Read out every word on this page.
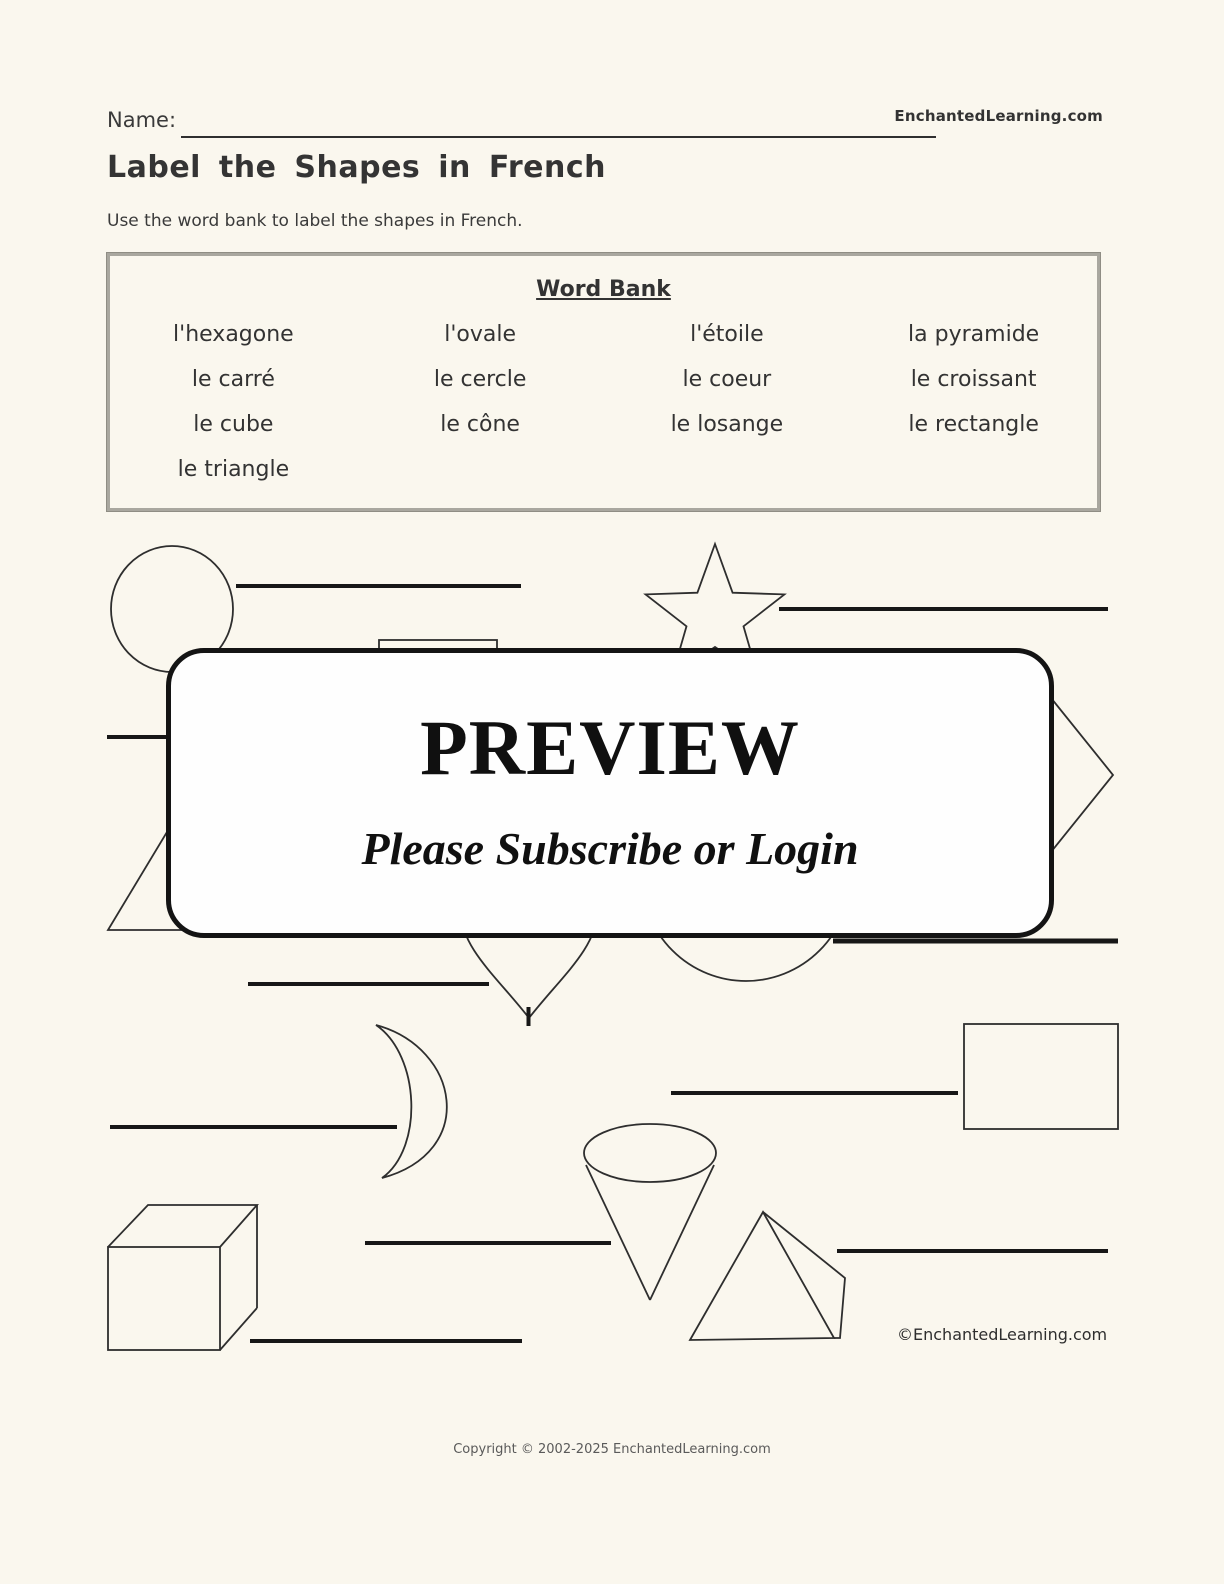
Name:	EnchantedLearning.com
Label the Shapes in French

Use the word bank to label the shapes in French.

Word Bank
l'hexagone	l'ovale	l'étoile	la pyramide
le carré	le cercle	le coeur	le croissant
le cube	le cône	le losange	le rectangle
le triangle
PREVIEW
Please Subscribe or Login
©EnchantedLearning.com
Copyright © 2002-2025 EnchantedLearning.com
